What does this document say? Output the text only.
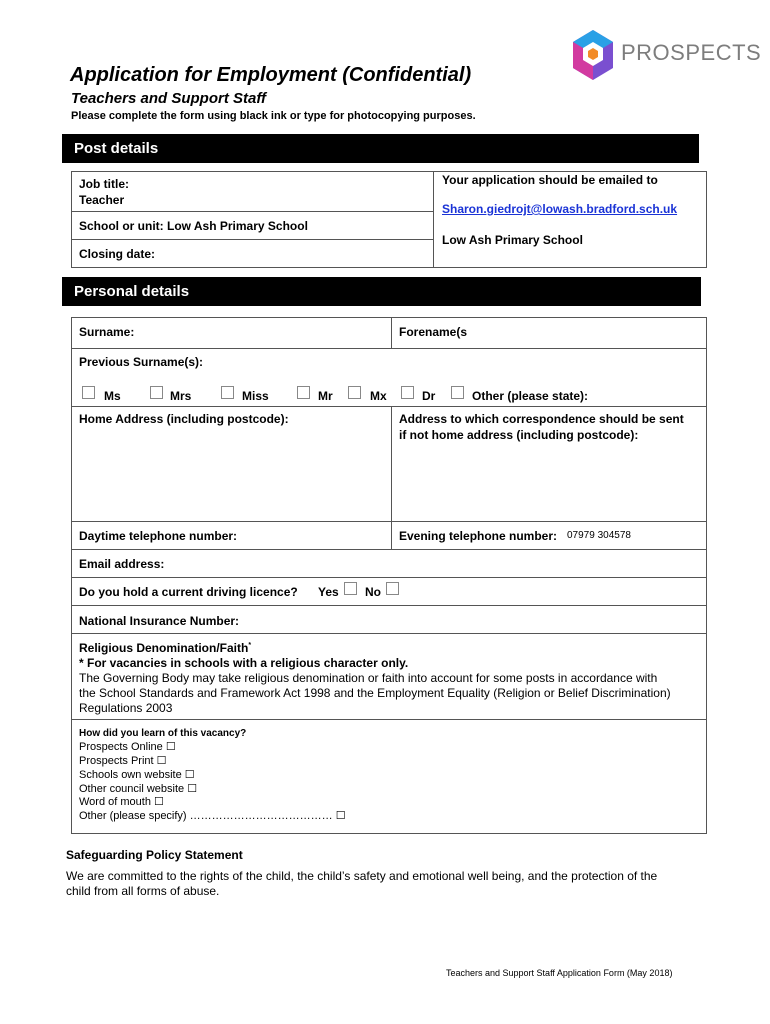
Application for Employment (Confidential)
Teachers and Support Staff
Please complete the form using black ink or type for photocopying purposes.
PROSPECTS
Post details
Job title:
Teacher
School or unit: Low Ash Primary School
Closing date:
Your application should be emailed to
Sharon.giedrojt@lowash.bradford.sch.uk
Low Ash Primary School
Personal details
Surname:	Forename(s
Previous Surname(s):
Ms	Mrs	Miss	Mr	Mx	Dr	Other (please state):
Home Address (including postcode):	Address to which correspondence should be sent
if not home address (including postcode):
Daytime telephone number:	Evening telephone number: 07979 304578
Email address:
Do you hold a current driving licence? Yes No
National Insurance Number:
Religious Denomination/Faith*
* For vacancies in schools with a religious character only.
The Governing Body may take religious denomination or faith into account for some posts in accordance with
the School Standards and Framework Act 1998 and the Employment Equality (Religion or Belief Discrimination)
Regulations 2003
How did you learn of this vacancy?
Prospects Online ☐
Prospects Print ☐
Schools own website ☐
Other council website ☐
Word of mouth ☐
Other (please specify) ………………………………… ☐
Safeguarding Policy Statement
We are committed to the rights of the child, the child’s safety and emotional well being, and the protection of the
child from all forms of abuse.
Teachers and Support Staff Application Form (May 2018)
